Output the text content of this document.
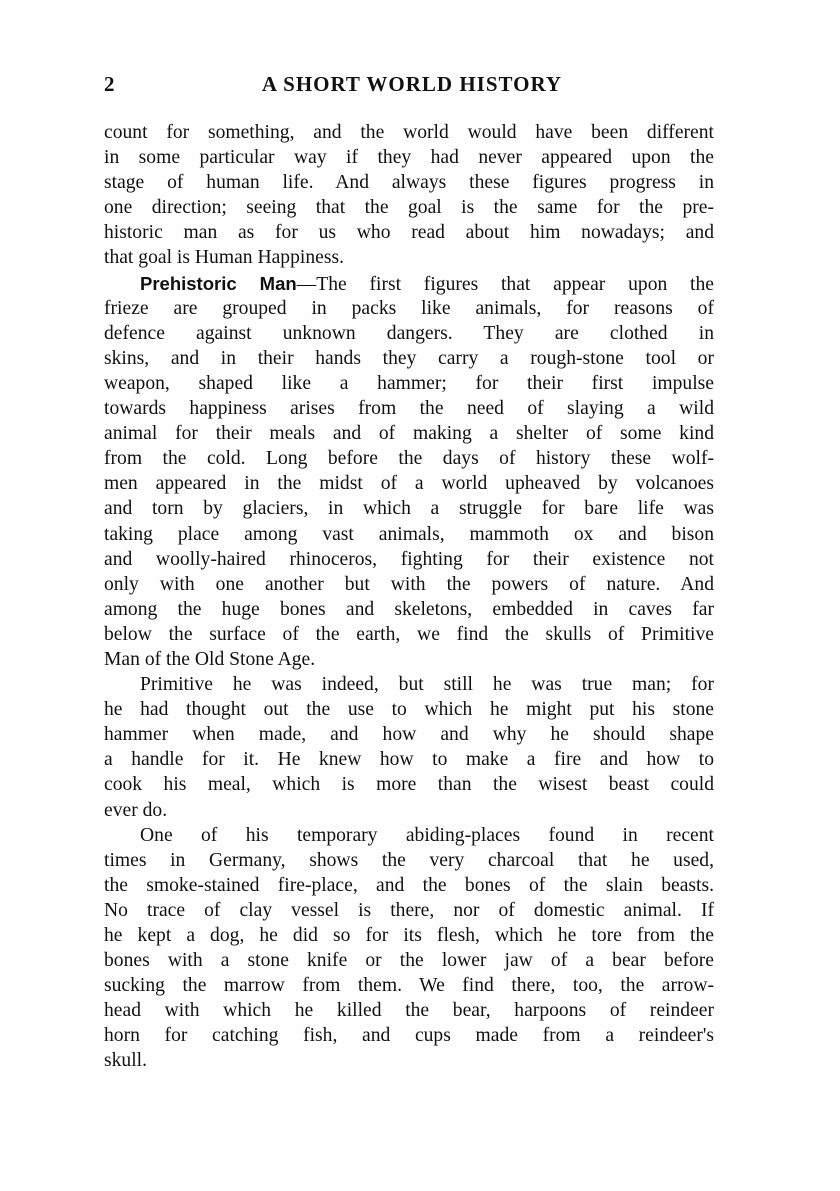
2	A SHORT WORLD HISTORY
count for something, and the world would have been different
in some particular way if they had never appeared upon the
stage of human life. And always these figures progress in
one direction; seeing that the goal is the same for the pre-
historic man as for us who read about him nowadays; and
that goal is Human Happiness.
Prehistoric Man—The first figures that appear upon the
frieze are grouped in packs like animals, for reasons of
defence against unknown dangers. They are clothed in
skins, and in their hands they carry a rough-stone tool or
weapon, shaped like a hammer; for their first impulse
towards happiness arises from the need of slaying a wild
animal for their meals and of making a shelter of some kind
from the cold. Long before the days of history these wolf-
men appeared in the midst of a world upheaved by volcanoes
and torn by glaciers, in which a struggle for bare life was
taking place among vast animals, mammoth ox and bison
and woolly-haired rhinoceros, fighting for their existence not
only with one another but with the powers of nature. And
among the huge bones and skeletons, embedded in caves far
below the surface of the earth, we find the skulls of Primitive
Man of the Old Stone Age.
Primitive he was indeed, but still he was true man; for
he had thought out the use to which he might put his stone
hammer when made, and how and why he should shape
a handle for it. He knew how to make a fire and how to
cook his meal, which is more than the wisest beast could
ever do.
One of his temporary abiding-places found in recent
times in Germany, shows the very charcoal that he used,
the smoke-stained fire-place, and the bones of the slain beasts.
No trace of clay vessel is there, nor of domestic animal. If
he kept a dog, he did so for its flesh, which he tore from the
bones with a stone knife or the lower jaw of a bear before
sucking the marrow from them. We find there, too, the arrow-
head with which he killed the bear, harpoons of reindeer
horn for catching fish, and cups made from a reindeer's
skull.
